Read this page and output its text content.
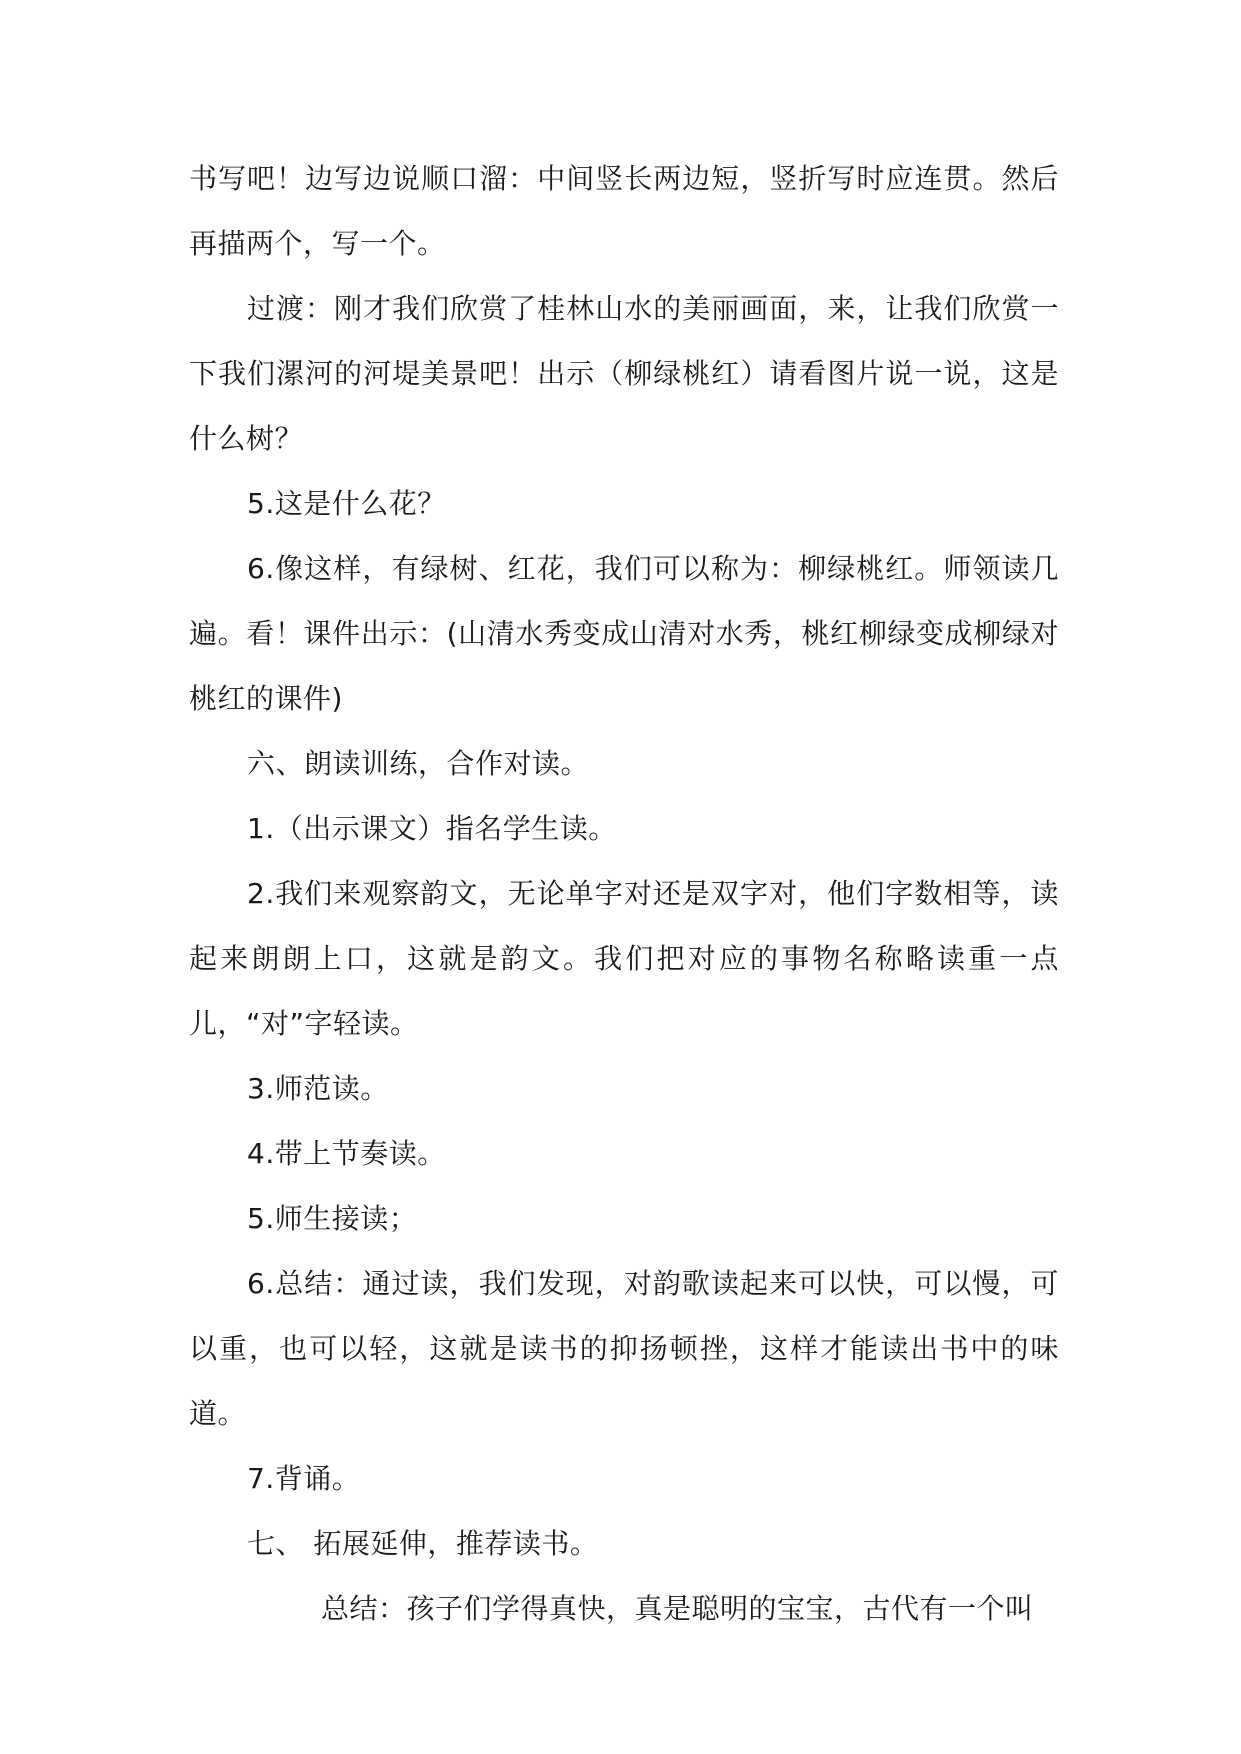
书写吧！边写边说顺口溜：中间竖长两边短，竖折写时应连贯。然后再描两个，写一个。

过渡：刚才我们欣赏了桂林山水的美丽画面，来，让我们欣赏一下我们漯河的河堤美景吧！出示（柳绿桃红）请看图片说一说，这是什么树？

5.这是什么花？

6.像这样，有绿树、红花，我们可以称为：柳绿桃红。师领读几遍。看！课件出示：(山清水秀变成山清对水秀，桃红柳绿变成柳绿对桃红的课件)

六、朗读训练，合作对读。

1.（出示课文）指名学生读。

2.我们来观察韵文，无论单字对还是双字对，他们字数相等，读起来朗朗上口，这就是韵文。我们把对应的事物名称略读重一点儿，“对”字轻读。

3.师范读。

4.带上节奏读。

5.师生接读；

6.总结：通过读，我们发现，对韵歌读起来可以快，可以慢，可以重，也可以轻，这就是读书的抑扬顿挫，这样才能读出书中的味道。

7.背诵。

七、 拓展延伸，推荐读书。

总结：孩子们学得真快，真是聪明的宝宝，古代有一个叫
